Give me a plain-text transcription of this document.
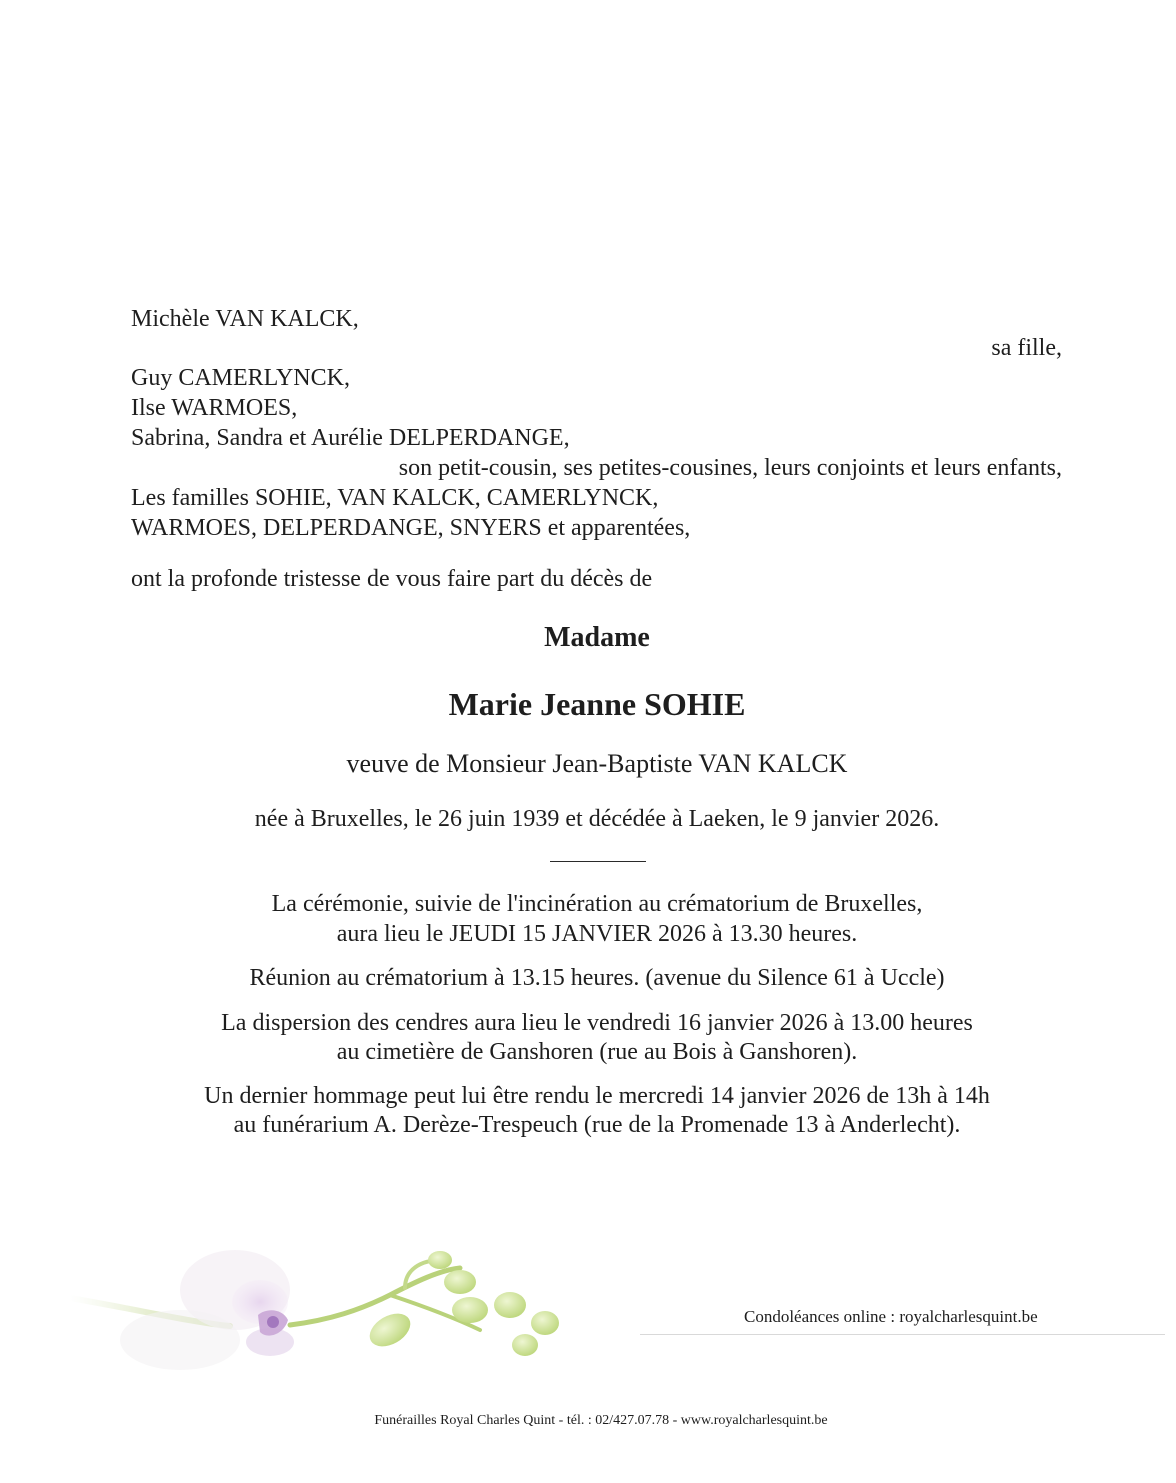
Michèle VAN KALCK,
sa fille,
Guy CAMERLYNCK,
Ilse WARMOES,
Sabrina, Sandra et Aurélie DELPERDANGE,
son petit-cousin, ses petites-cousines, leurs conjoints et leurs enfants,
Les familles SOHIE, VAN KALCK, CAMERLYNCK,
WARMOES, DELPERDANGE, SNYERS et apparentées,
ont la profonde tristesse de vous faire part du décès de
Madame
Marie Jeanne SOHIE
veuve de Monsieur Jean-Baptiste VAN KALCK
née à Bruxelles, le 26 juin 1939 et décédée à Laeken, le 9 janvier 2026.
La cérémonie, suivie de l'incinération au crématorium de Bruxelles,
aura lieu le JEUDI 15 JANVIER 2026 à 13.30 heures.
Réunion au crématorium à 13.15 heures. (avenue du Silence 61 à Uccle)
La dispersion des cendres aura lieu le vendredi 16 janvier 2026 à 13.00 heures
au cimetière de Ganshoren (rue au Bois à Ganshoren).
Un dernier hommage peut lui être rendu le mercredi 14 janvier 2026 de 13h à 14h
au funérarium A. Derèze-Trespeuch (rue de la Promenade 13 à Anderlecht).
Condoléances online : royalcharlesquint.be
Funérailles Royal Charles Quint - tél. : 02/427.07.78 - www.royalcharlesquint.be
